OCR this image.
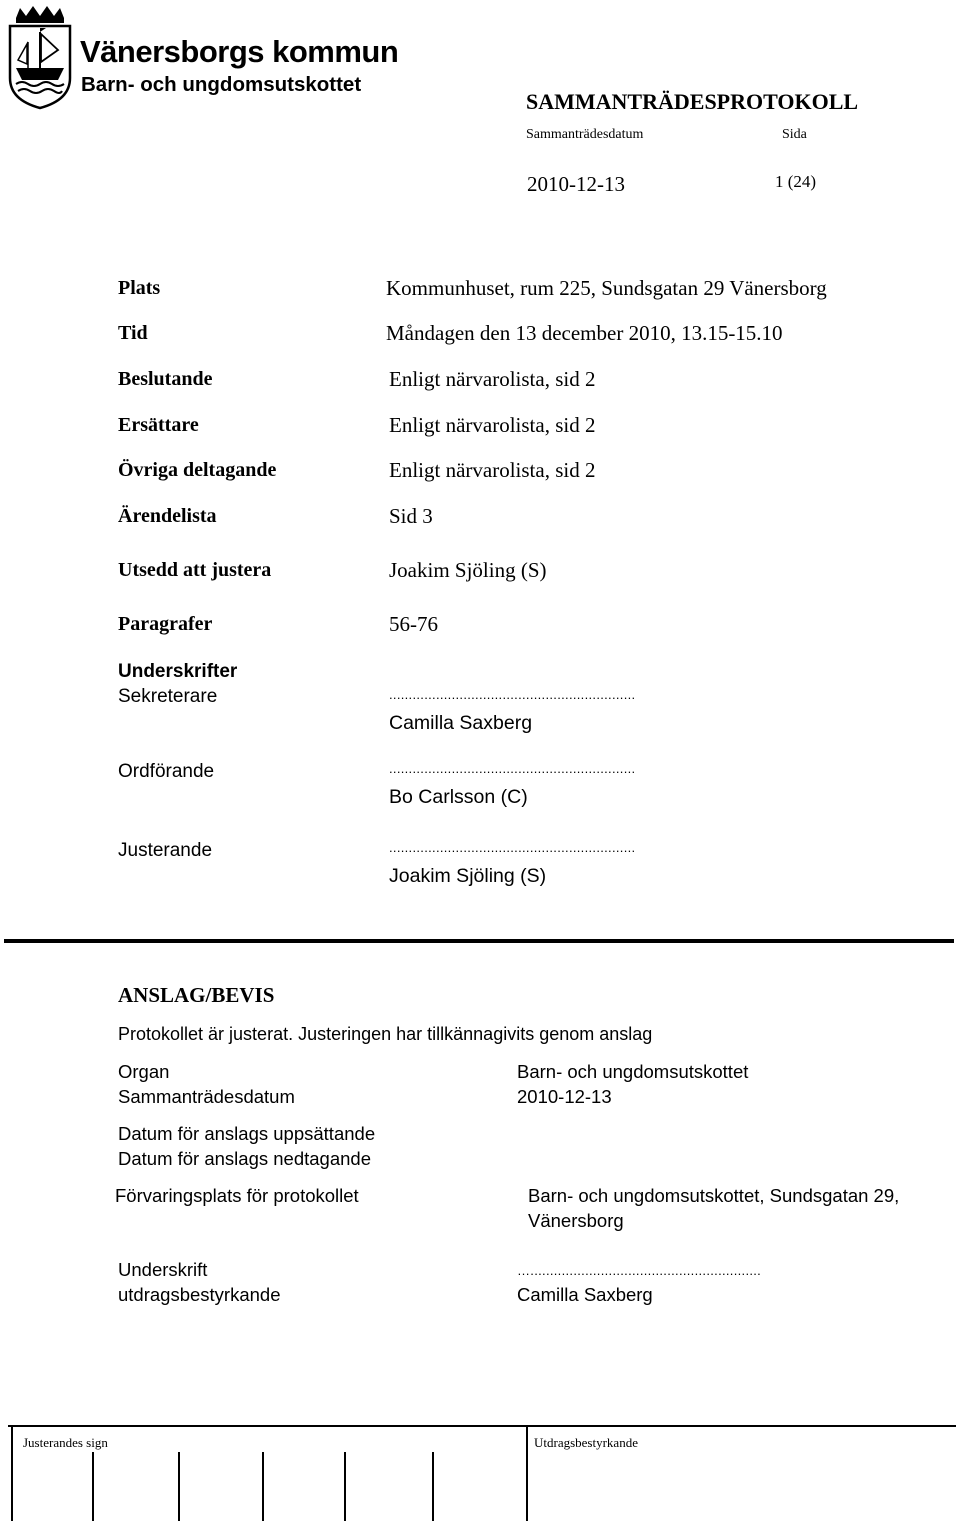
Vänersborgs kommun
Barn- och ungdomsutskottet
SAMMANTRÄDESPROTOKOLL
Sammanträdesdatum	Sida
2010-12-13	1 (24)
Plats	Kommunhuset, rum 225, Sundsgatan 29 Vänersborg
Tid	Måndagen den 13 december 2010, 13.15-15.10
Beslutande	Enligt närvarolista, sid 2
Ersättare	Enligt närvarolista, sid 2
Övriga deltagande	Enligt närvarolista, sid 2
Ärendelista	Sid 3
Utsedd att justera	Joakim Sjöling (S)
Paragrafer	56-76
Underskrifter
Sekreterare	...............................................................
Camilla Saxberg
Ordförande	...............................................................
Bo Carlsson (C)
Justerande	...............................................................
Joakim Sjöling (S)
ANSLAG/BEVIS
Protokollet är justerat. Justeringen har tillkännagivits genom anslag
Organ	Barn- och ungdomsutskottet
Sammanträdesdatum	2010-12-13
Datum för anslags uppsättande
Datum för anslags nedtagande
Förvaringsplats för protokollet	Barn- och ungdomsutskottet, Sundsgatan 29,
Vänersborg
Underskrift
utdragsbestyrkande
…...........................................................
Camilla Saxberg
Justerandes sign	Utdragsbestyrkande
